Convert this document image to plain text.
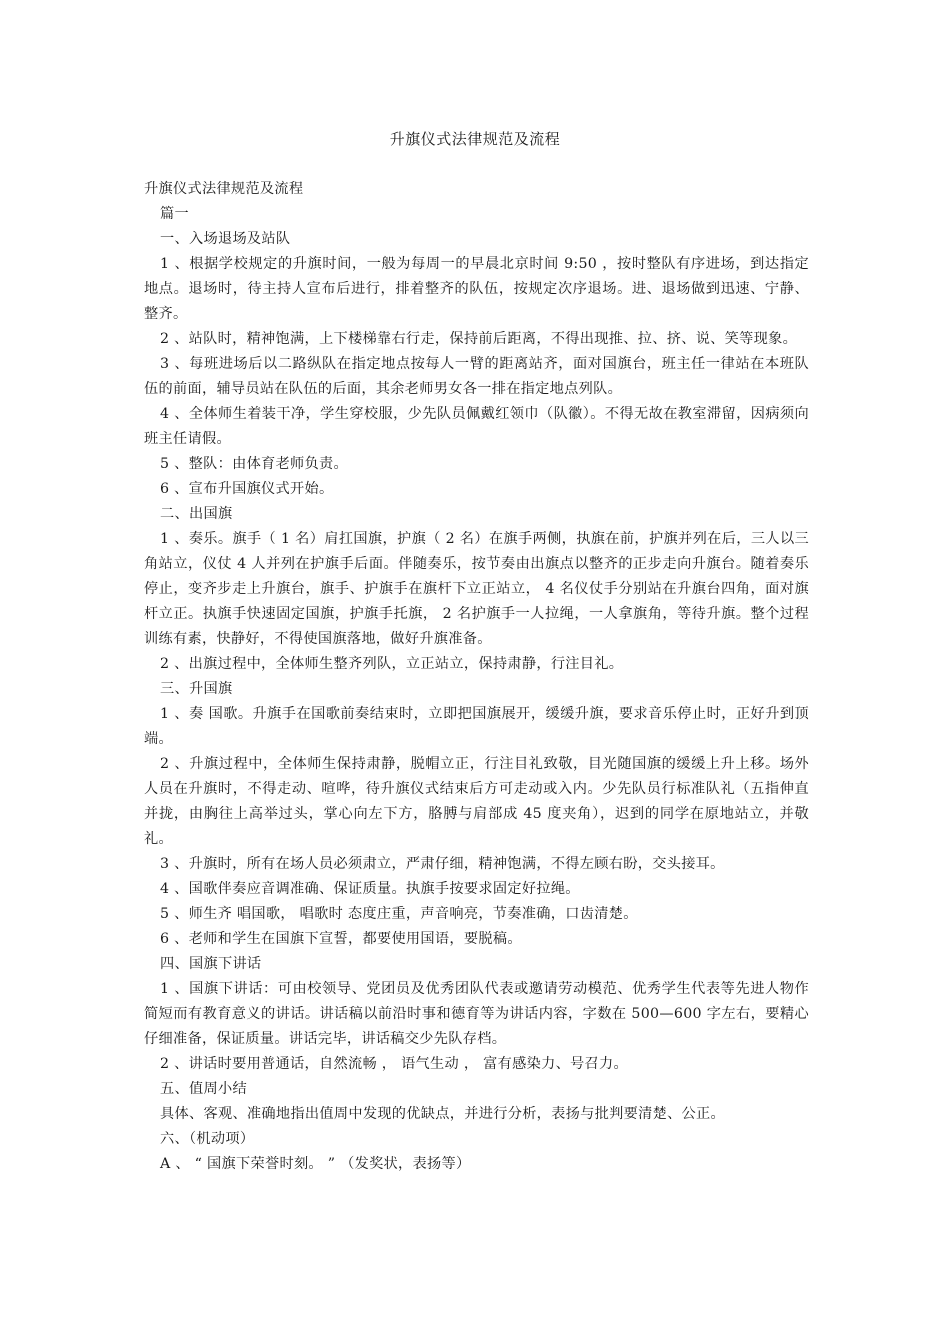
升旗仪式法律规范及流程

升旗仪式法律规范及流程

篇一

一、入场退场及站队

1 、根据学校规定的升旗时间，一般为每周一的早晨北京时间 9:50 ，按时整队有序进场，到达指定地点。退场时，待主持人宣布后进行，排着整齐的队伍，按规定次序退场。进、退场做到迅速、宁静、整齐。

2 、站队时，精神饱满，上下楼梯靠右行走，保持前后距离，不得出现推、拉、挤、说、笑等现象。

3 、每班进场后以二路纵队在指定地点按每人一臂的距离站齐，面对国旗台，班主任一律站在本班队伍的前面，辅导员站在队伍的后面，其余老师男女各一排在指定地点列队。

4 、全体师生着装干净，学生穿校服，少先队员佩戴红领巾（队徽）。不得无故在教室滞留，因病须向班主任请假。

5 、整队：由体育老师负责。

6 、宣布升国旗仪式开始。

二、出国旗

1 、奏乐。旗手（ 1 名）肩扛国旗，护旗（ 2 名）在旗手两侧，执旗在前，护旗并列在后，三人以三角站立，仪仗 4 人并列在护旗手后面。伴随奏乐，按节奏由出旗点以整齐的正步走向升旗台。随着奏乐停止，变齐步走上升旗台，旗手、护旗手在旗杆下立正站立， 4 名仪仗手分别站在升旗台四角，面对旗杆立正。执旗手快速固定国旗，护旗手托旗， 2 名护旗手一人拉绳，一人拿旗角，等待升旗。整个过程训练有素，快静好，不得使国旗落地，做好升旗准备。

2 、出旗过程中，全体师生整齐列队，立正站立，保持肃静，行注目礼。

三、升国旗

1 、奏 国歌。升旗手在国歌前奏结束时，立即把国旗展开，缓缓升旗，要求音乐停止时，正好升到顶端。

2 、升旗过程中，全体师生保持肃静，脱帽立正，行注目礼致敬，目光随国旗的缓缓上升上移。场外人员在升旗时，不得走动、喧哗，待升旗仪式结束后方可走动或入内。少先队员行标准队礼（五指伸直并拢，由胸往上高举过头，掌心向左下方，胳膊与肩部成 45 度夹角），迟到的同学在原地站立，并敬礼。

3 、升旗时，所有在场人员必须肃立，严肃仔细，精神饱满，不得左顾右盼，交头接耳。

4 、国歌伴奏应音调准确、保证质量。执旗手按要求固定好拉绳。

5 、师生齐 唱国歌， 唱歌时 态度庄重，声音响亮，节奏准确，口齿清楚。

6 、老师和学生在国旗下宣誓，都要使用国语，要脱稿。

四、国旗下讲话

1 、国旗下讲话：可由校领导、党团员及优秀团队代表或邀请劳动模范、优秀学生代表等先进人物作简短而有教育意义的讲话。讲话稿以前沿时事和德育等为讲话内容，字数在 500—600 字左右，要精心仔细准备，保证质量。讲话完毕，讲话稿交少先队存档。

2 、讲话时要用普通话，自然流畅 ， 语气生动 ， 富有感染力、号召力。

五、值周小结

具体、客观、准确地指出值周中发现的优缺点，并进行分析，表扬与批判要清楚、公正。

六、（机动项）

A 、 “ 国旗下荣誉时刻。 ” （发奖状，表扬等）
